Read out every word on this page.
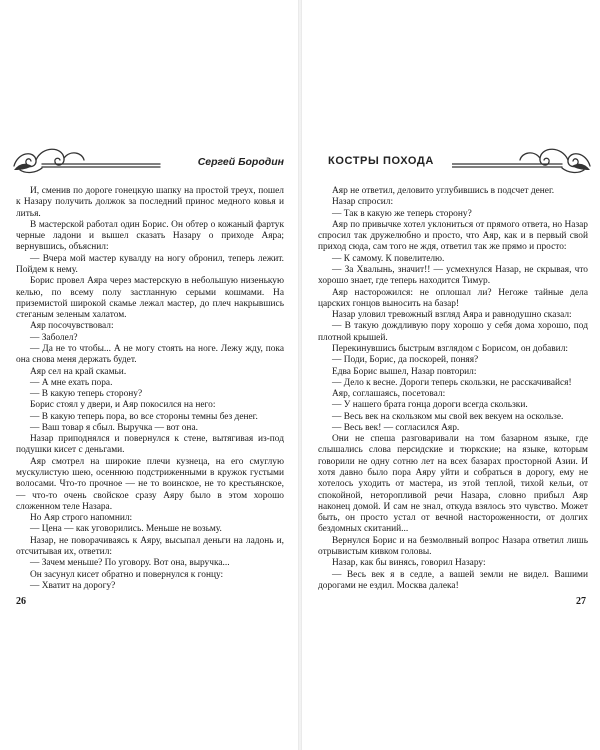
Сергей Бородин

И, сменив по дороге гонецкую шапку на простой треух, пошел к Назару получить должок за последний принос медного ковья и литья.

В мастерской работал один Борис. Он обтер о кожаный фартук черные ладони и вышел сказать Назару о приходе Аяра; вернувшись, объяснил:

— Вчера мой мастер кувалду на ногу обронил, теперь лежит. Пойдем к нему.

Борис провел Аяра через мастерскую в небольшую низенькую келью, по всему полу застланную серыми кошмами. На приземистой широкой скамье лежал мастер, до плеч накрывшись стеганым зеленым халатом.

Аяр посочувствовал:

— Заболел?

— Да не то чтобы... А не могу стоять на ноге. Лежу жду, пока она снова меня держать будет.

Аяр сел на край скамьи.

— А мне ехать пора.

— В какую теперь сторону?

Борис стоял у двери, и Аяр покосился на него:

— В какую теперь пора, во все стороны темны без денег.

— Ваш товар я сбыл. Выручка — вот она.

Назар приподнялся и повернулся к стене, вытягивая из-под подушки кисет с деньгами.

Аяр смотрел на широкие плечи кузнеца, на его смуглую мускулистую шею, осеннюю подстриженными в кружок густыми волосами. Что-то прочное — не то воинское, не то крестьянское, — что-то очень свойское сразу Аяру было в этом хорошо сложенном теле Назара.

Но Аяр строго напомнил:

— Цена — как уговорились. Меньше не возьму.

Назар, не поворачиваясь к Аяру, высыпал деньги на ладонь и, отсчитывая их, ответил:

— Зачем меньше? По уговору. Вот она, выручка...

Он засунул кисет обратно и повернулся к гонцу:

— Хватит на дорогу?

26
КОСТРЫ ПОХОДА

Аяр не ответил, деловито углубившись в подсчет денег.

Назар спросил:

— Так в какую же теперь сторону?

Аяр по привычке хотел уклониться от прямого ответа, но Назар спросил так дружелюбно и просто, что Аяр, как и в первый свой приход сюда, сам того не ждя, ответил так же прямо и просто:

— К самому. К повелителю.

— За Хвалынь, значит!! — усмехнулся Назар, не скрывая, что хорошо знает, где теперь находится Тимур.

Аяр насторожился: не оплошал ли? Негоже тайные дела царских гонцов выносить на базар!

Назар уловил тревожный взгляд Аяра и равнодушно сказал:

— В такую дождливую пору хорошо у себя дома хорошо, под плотной крышей.

Перекинувшись быстрым взглядом с Борисом, он добавил:

— Поди, Борис, да поскорей, поняя?

Едва Борис вышел, Назар повторил:

— Дело к весне. Дороги теперь скользки, не расскачивайся!

Аяр, соглашаясь, посетовал:

— У нашего брата гонца дороги всегда скользки.

— Весь век на скользком мы свой век векуем на оскользе.

— Весь век! — согласился Аяр.

Они не спеша разговаривали на том базарном языке, где слышались слова персидские и тюркские; на языке, которым говорили не одну сотню лет на всех базарах просторной Азии. И хотя давно было пора Аяру уйти и собраться в дорогу, ему не хотелось уходить от мастера, из этой теплой, тихой кельи, от спокойной, неторопливой речи Назара, словно прибыл Аяр наконец домой. И сам не знал, откуда взялось это чувство. Может быть, он просто устал от вечной настороженности, от долгих бездомных скитаний...

Вернулся Борис и на безмолвный вопрос Назара ответил лишь отрывистым кивком головы.

Назар, как бы винясь, говорил Назару:

— Весь век я в седле, а вашей земли не видел. Вашими дорогами не ездил. Москва далека!

27
